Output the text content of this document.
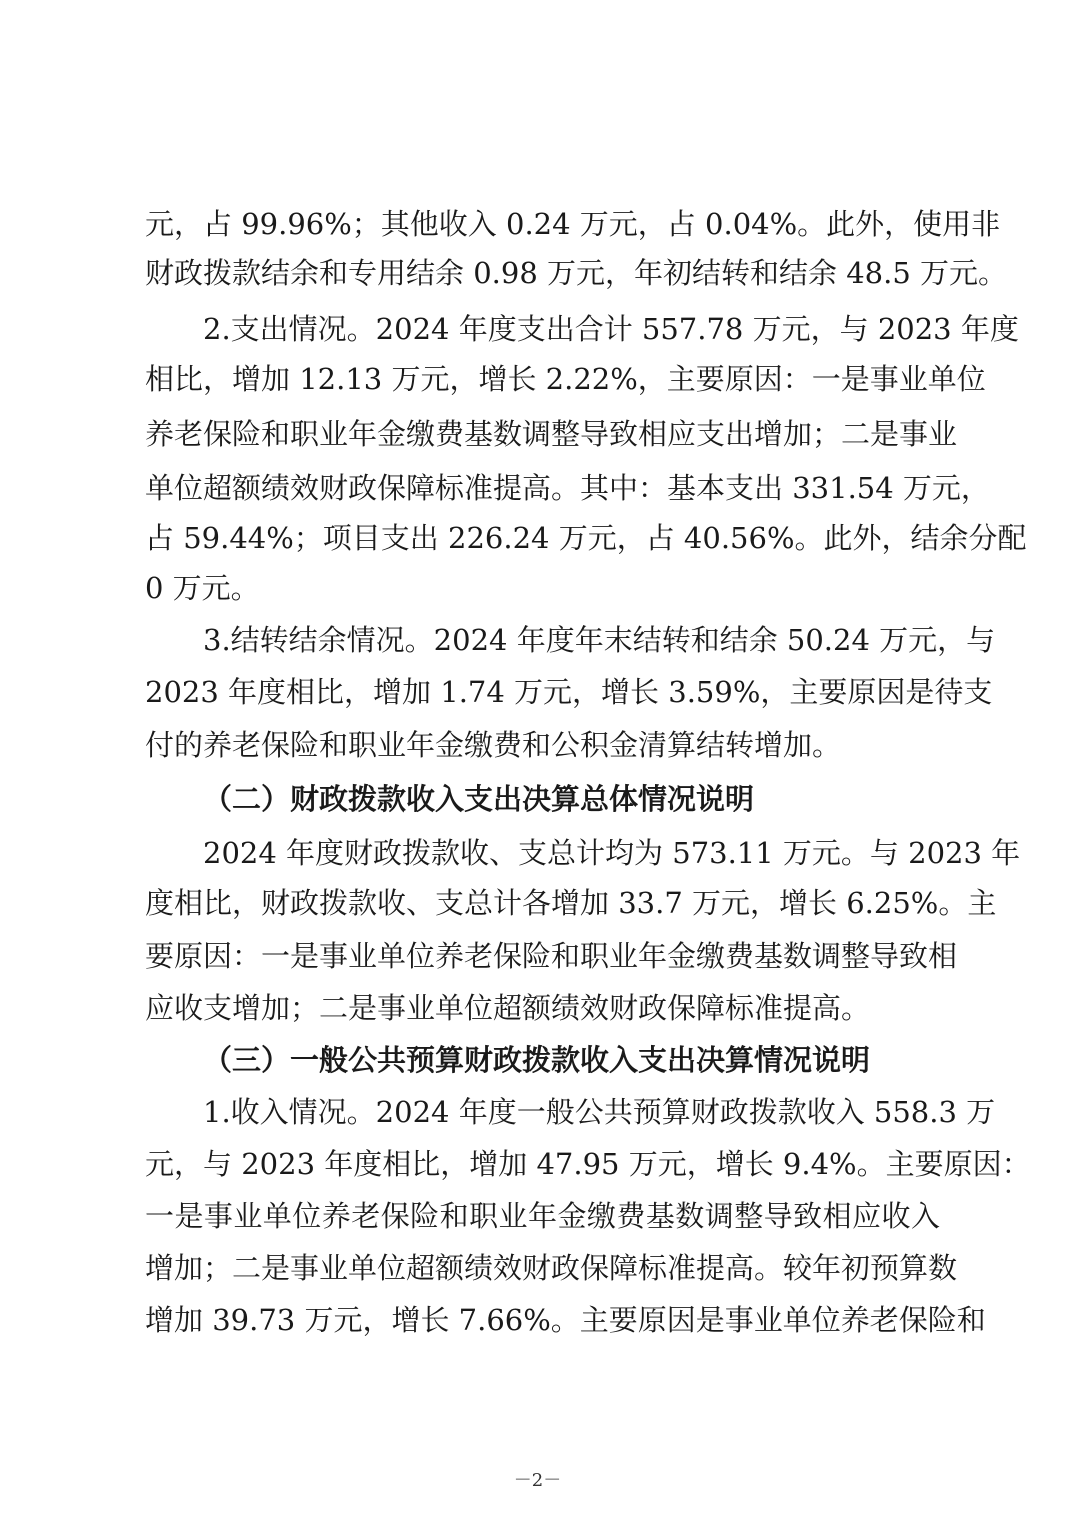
元，占 99.96%；其他收入 0.24 万元，占 0.04%。此外，使用非
财政拨款结余和专用结余 0.98 万元，年初结转和结余 48.5 万元。
2.支出情况。2024 年度支出合计 557.78 万元，与 2023 年度
相比，增加 12.13 万元，增长 2.22%，主要原因：一是事业单位
养老保险和职业年金缴费基数调整导致相应支出增加；二是事业
单位超额绩效财政保障标准提高。其中：基本支出 331.54 万元，
占 59.44%；项目支出 226.24 万元，占 40.56%。此外，结余分配
0 万元。
3.结转结余情况。2024 年度年末结转和结余 50.24 万元，与
2023 年度相比，增加 1.74 万元，增长 3.59%，主要原因是待支
付的养老保险和职业年金缴费和公积金清算结转增加。
（二）财政拨款收入支出决算总体情况说明
2024 年度财政拨款收、支总计均为 573.11 万元。与 2023 年
度相比，财政拨款收、支总计各增加 33.7 万元，增长 6.25%。主
要原因：一是事业单位养老保险和职业年金缴费基数调整导致相
应收支增加；二是事业单位超额绩效财政保障标准提高。
（三）一般公共预算财政拨款收入支出决算情况说明
1.收入情况。2024 年度一般公共预算财政拨款收入 558.3 万
元，与 2023 年度相比，增加 47.95 万元，增长 9.4%。主要原因：
一是事业单位养老保险和职业年金缴费基数调整导致相应收入
增加；二是事业单位超额绩效财政保障标准提高。较年初预算数
增加 39.73 万元，增长 7.66%。主要原因是事业单位养老保险和
－2－
